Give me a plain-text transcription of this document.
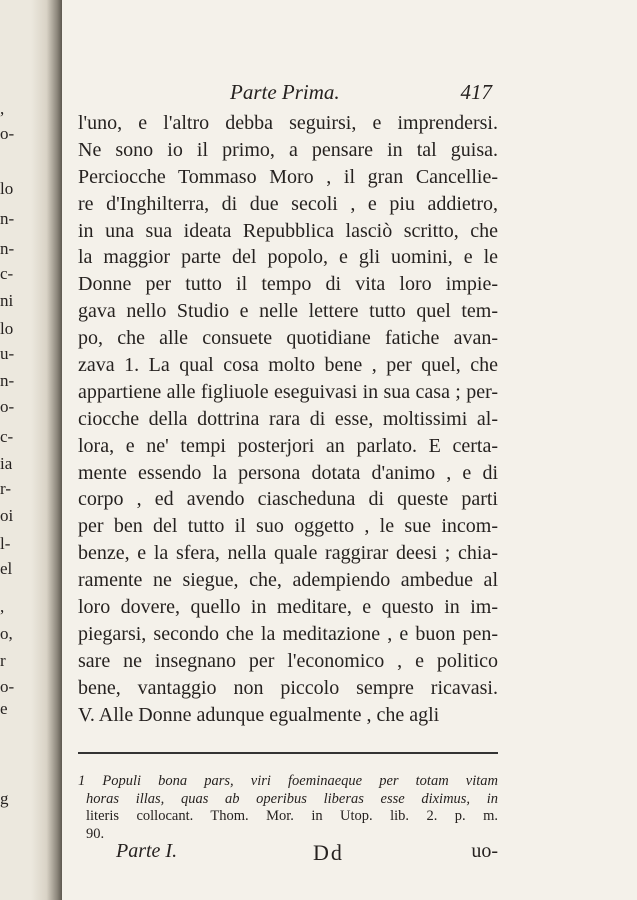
,
o-
lo
n-
n-
c-
ni
lo
u-
n-
o-
c-
ia
r-
oi
l-
el
,
o,
r
o-
e
g
Parte Prima.	417
l'uno, e l'altro debba seguirsi, e imprendersi.
Ne sono io il primo, a pensare in tal guisa.
Perciocche Tommaso Moro , il gran Cancellie-
re d'Inghilterra, di due secoli , e piu addietro,
in una sua ideata Repubblica lasciò scritto, che
la maggior parte del popolo, e gli uomini, e le
Donne per tutto il tempo di vita loro impie-
gava nello Studio e nelle lettere tutto quel tem-
po, che alle consuete quotidiane fatiche avan-
zava 1. La qual cosa molto bene , per quel, che
appartiene alle figliuole eseguivasi in sua casa ; per-
ciocche della dottrina rara di esse, moltissimi al-
lora, e ne' tempi posterjori an parlato. E certa-
mente essendo la persona dotata d'animo , e di
corpo , ed avendo ciascheduna di queste parti
per ben del tutto il suo oggetto , le sue incom-
benze, e la sfera, nella quale raggirar deesi ; chia-
ramente ne siegue, che, adempiendo ambedue al
loro dovere, quello in meditare, e questo in im-
piegarsi, secondo che la meditazione , e buon pen-
sare ne insegnano per l'economico , e politico
bene, vantaggio non piccolo sempre ricavasi.
V. Alle Donne adunque egualmente , che agli
1 Populi bona pars, viri foeminaeque per totam vitam
horas illas, quas ab operibus liberas esse diximus, in
literis collocant. Thom. Mor. in Utop. lib. 2. p. m.
90.
Parte I.	Dd	uo-
